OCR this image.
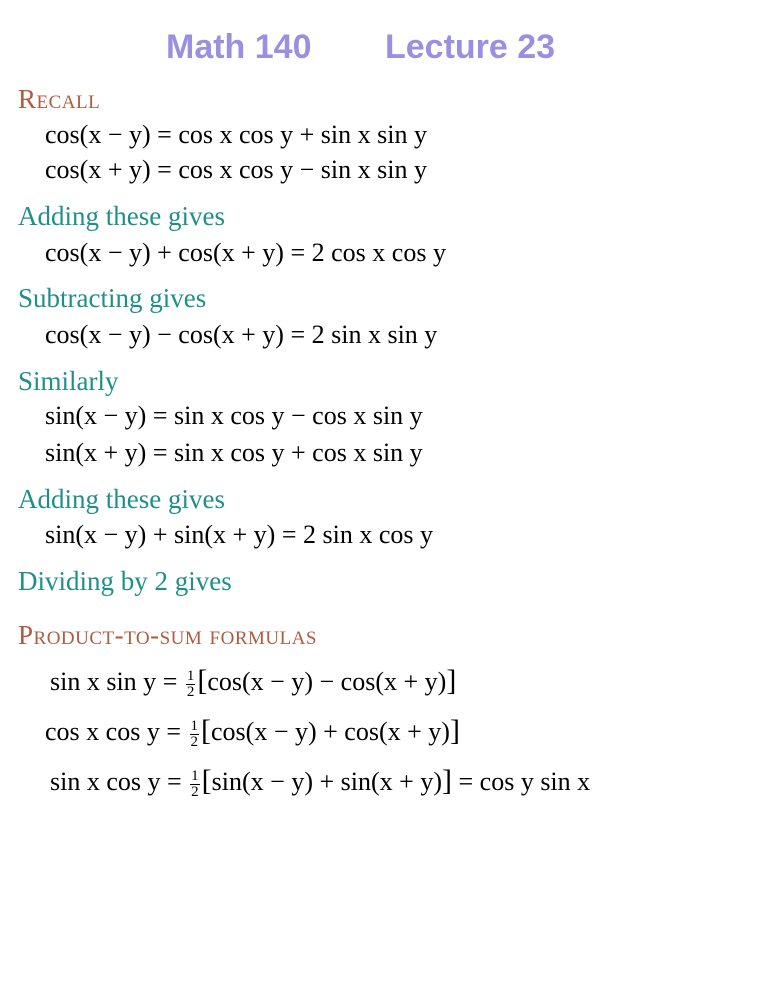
Math 140 Lecture 23
Recall
cos(x − y) = cos x cos y + sin x sin y
cos(x + y) = cos x cos y − sin x sin y
Adding these gives
cos(x − y) + cos(x + y) = 2 cos x cos y
Subtracting gives
cos(x − y) − cos(x + y) = 2 sin x sin y
Similarly
sin(x − y) = sin x cos y − cos x sin y
sin(x + y) = sin x cos y + cos x sin y
Adding these gives
sin(x − y) + sin(x + y) = 2 sin x cos y
Dividing by 2 gives
Product-to-sum formulas
sin x $\sin y = \frac{1}{2} [\cos(x - y) - \cos(x + y)]$
cos x $\cos y = \frac{1}{2} [\cos(x - y) + \cos(x + y)]$
sin x $\cos y = \frac{1}{2} [\sin(x - y) + \sin(x + y)] = \cos y$ sin x
